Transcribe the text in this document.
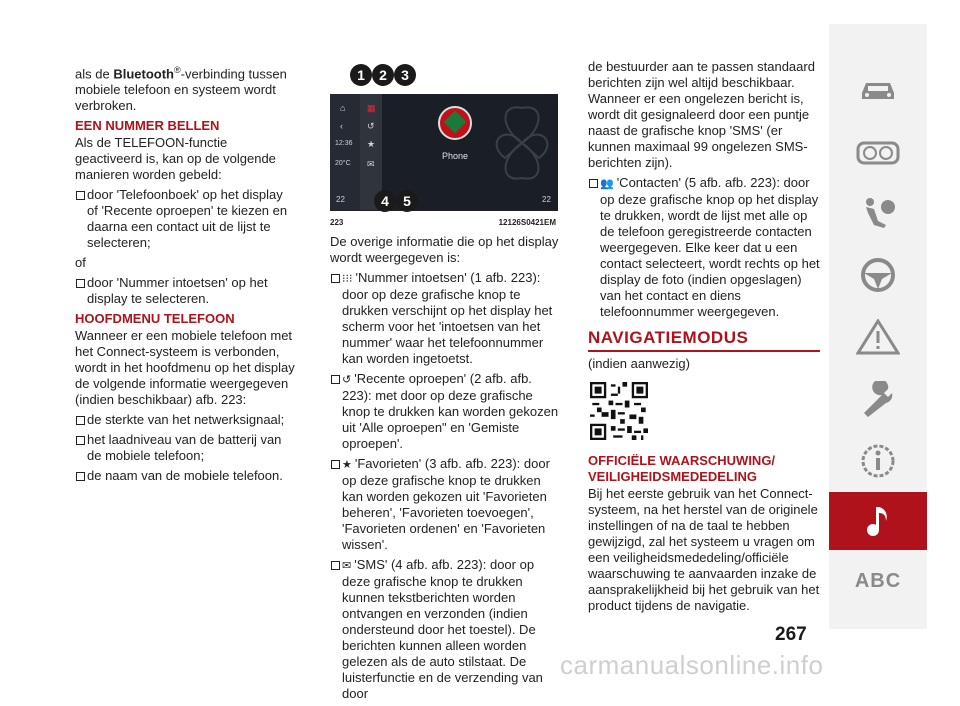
als de Bluetooth®-verbinding tussen mobiele telefoon en systeem wordt verbroken.

EEN NUMMER BELLEN

Als de TELEFOON-functie geactiveerd is, kan op de volgende manieren worden gebeld:

door 'Telefoonboek' op het display of 'Recente oproepen' te kiezen en daarna een contact uit de lijst te selecteren;

of

door 'Nummer intoetsen' op het display te selecteren.
HOOFDMENU TELEFOON

Wanneer er een mobiele telefoon met het Connect-systeem is verbonden, wordt in het hoofdmenu op het display de volgende informatie weergegeven (indien beschikbaar) afb. 223:

de sterkte van het netwerksignaal;
het laadniveau van de batterij van de mobiele telefoon;
de naam van de mobiele telefoon.
⌂
‹
12:36
20°C
22
▦
↺
★
✉
Phone
22
1	2	3
4	5
223	12126S0421EM

De overige informatie die op het display wordt weergegeven is:

⁝⁝⁝ 'Nummer intoetsen' (1 afb. 223): door op deze grafische knop te drukken verschijnt op het display het scherm voor het 'intoetsen van het nummer' waar het telefoonnummer kan worden ingetoetst.
↺ 'Recente oproepen' (2 afb. afb. 223): met door op deze grafische knop te drukken kan worden gekozen uit 'Alle oproepen" en 'Gemiste oproepen'.
★ 'Favorieten' (3 afb. afb. 223): door op deze grafische knop te drukken kan worden gekozen uit 'Favorieten beheren', 'Favorieten toevoegen', 'Favorieten ordenen' en 'Favorieten wissen'.
✉ 'SMS' (4 afb. afb. 223): door op deze grafische knop te drukken kunnen tekstberichten worden ontvangen en verzonden (indien ondersteund door het toestel). De berichten kunnen alleen worden gelezen als de auto stilstaat. De luisterfunctie en de verzending van door

de bestuurder aan te passen standaard berichten zijn wel altijd beschikbaar. Wanneer er een ongelezen bericht is, wordt dit gesignaleerd door een puntje naast de grafische knop 'SMS' (er kunnen maximaal 99 ongelezen SMS-berichten zijn).

👥 'Contacten' (5 afb. afb. 223): door op deze grafische knop op het display te drukken, wordt de lijst met alle op de telefoon geregistreerde contacten weergegeven. Elke keer dat u een contact selecteert, wordt rechts op het display de foto (indien opgeslagen) van het contact en diens telefoonnummer weergegeven.
NAVIGATIEMODUS

(indien aanwezig)

OFFICIËLE WAARSCHUWING/ VEILIGHEIDSMEDEDELING

Bij het eerste gebruik van het Connect-systeem, na het herstel van de originele instellingen of na de taal te hebben gewijzigd, zal het systeem u vragen om een veiligheidsmededeling/officiële waarschuwing te aanvaarden inzake de aansprakelijkheid bij het gebruik van het product tijdens de navigatie.

ABC
267
carmanualsonline.info
